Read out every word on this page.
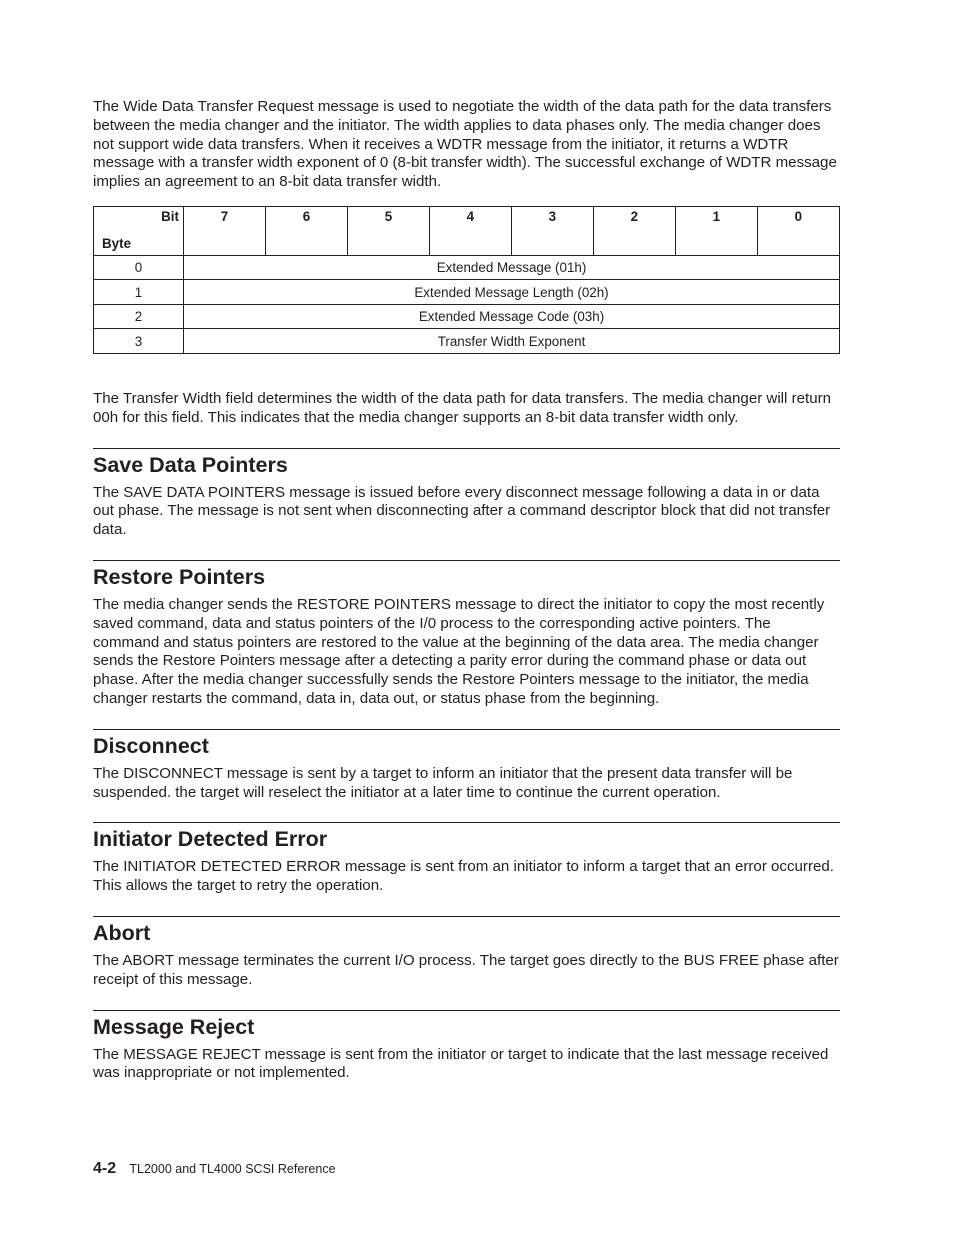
The Wide Data Transfer Request message is used to negotiate the width of the data path for the data transfers between the media changer and the initiator. The width applies to data phases only. The media changer does not support wide data transfers. When it receives a WDTR message from the initiator, it returns a WDTR message with a transfer width exponent of 0 (8-bit transfer width). The successful exchange of WDTR message implies an agreement to an 8-bit data transfer width.

Bit
Byte	7	6	5	4	3	2	1	0
0	Extended Message (01h)							
1	Extended Message Length (02h)							
2	Extended Message Code (03h)							
3	Transfer Width Exponent							

The Transfer Width field determines the width of the data path for data transfers. The media changer will return 00h for this field. This indicates that the media changer supports an 8-bit data transfer width only.

Save Data Pointers

The SAVE DATA POINTERS message is issued before every disconnect message following a data in or data out phase. The message is not sent when disconnecting after a command descriptor block that did not transfer data.

Restore Pointers

The media changer sends the RESTORE POINTERS message to direct the initiator to copy the most recently saved command, data and status pointers of the I/0 process to the corresponding active pointers. The command and status pointers are restored to the value at the beginning of the data area. The media changer sends the Restore Pointers message after a detecting a parity error during the command phase or data out phase. After the media changer successfully sends the Restore Pointers message to the initiator, the media changer restarts the command, data in, data out, or status phase from the beginning.

Disconnect

The DISCONNECT message is sent by a target to inform an initiator that the present data transfer will be suspended. the target will reselect the initiator at a later time to continue the current operation.

Initiator Detected Error

The INITIATOR DETECTED ERROR message is sent from an initiator to inform a target that an error occurred. This allows the target to retry the operation.

Abort

The ABORT message terminates the current I/O process. The target goes directly to the BUS FREE phase after receipt of this message.

Message Reject

The MESSAGE REJECT message is sent from the initiator or target to indicate that the last message received was inappropriate or not implemented.

4-2 TL2000 and TL4000 SCSI Reference
